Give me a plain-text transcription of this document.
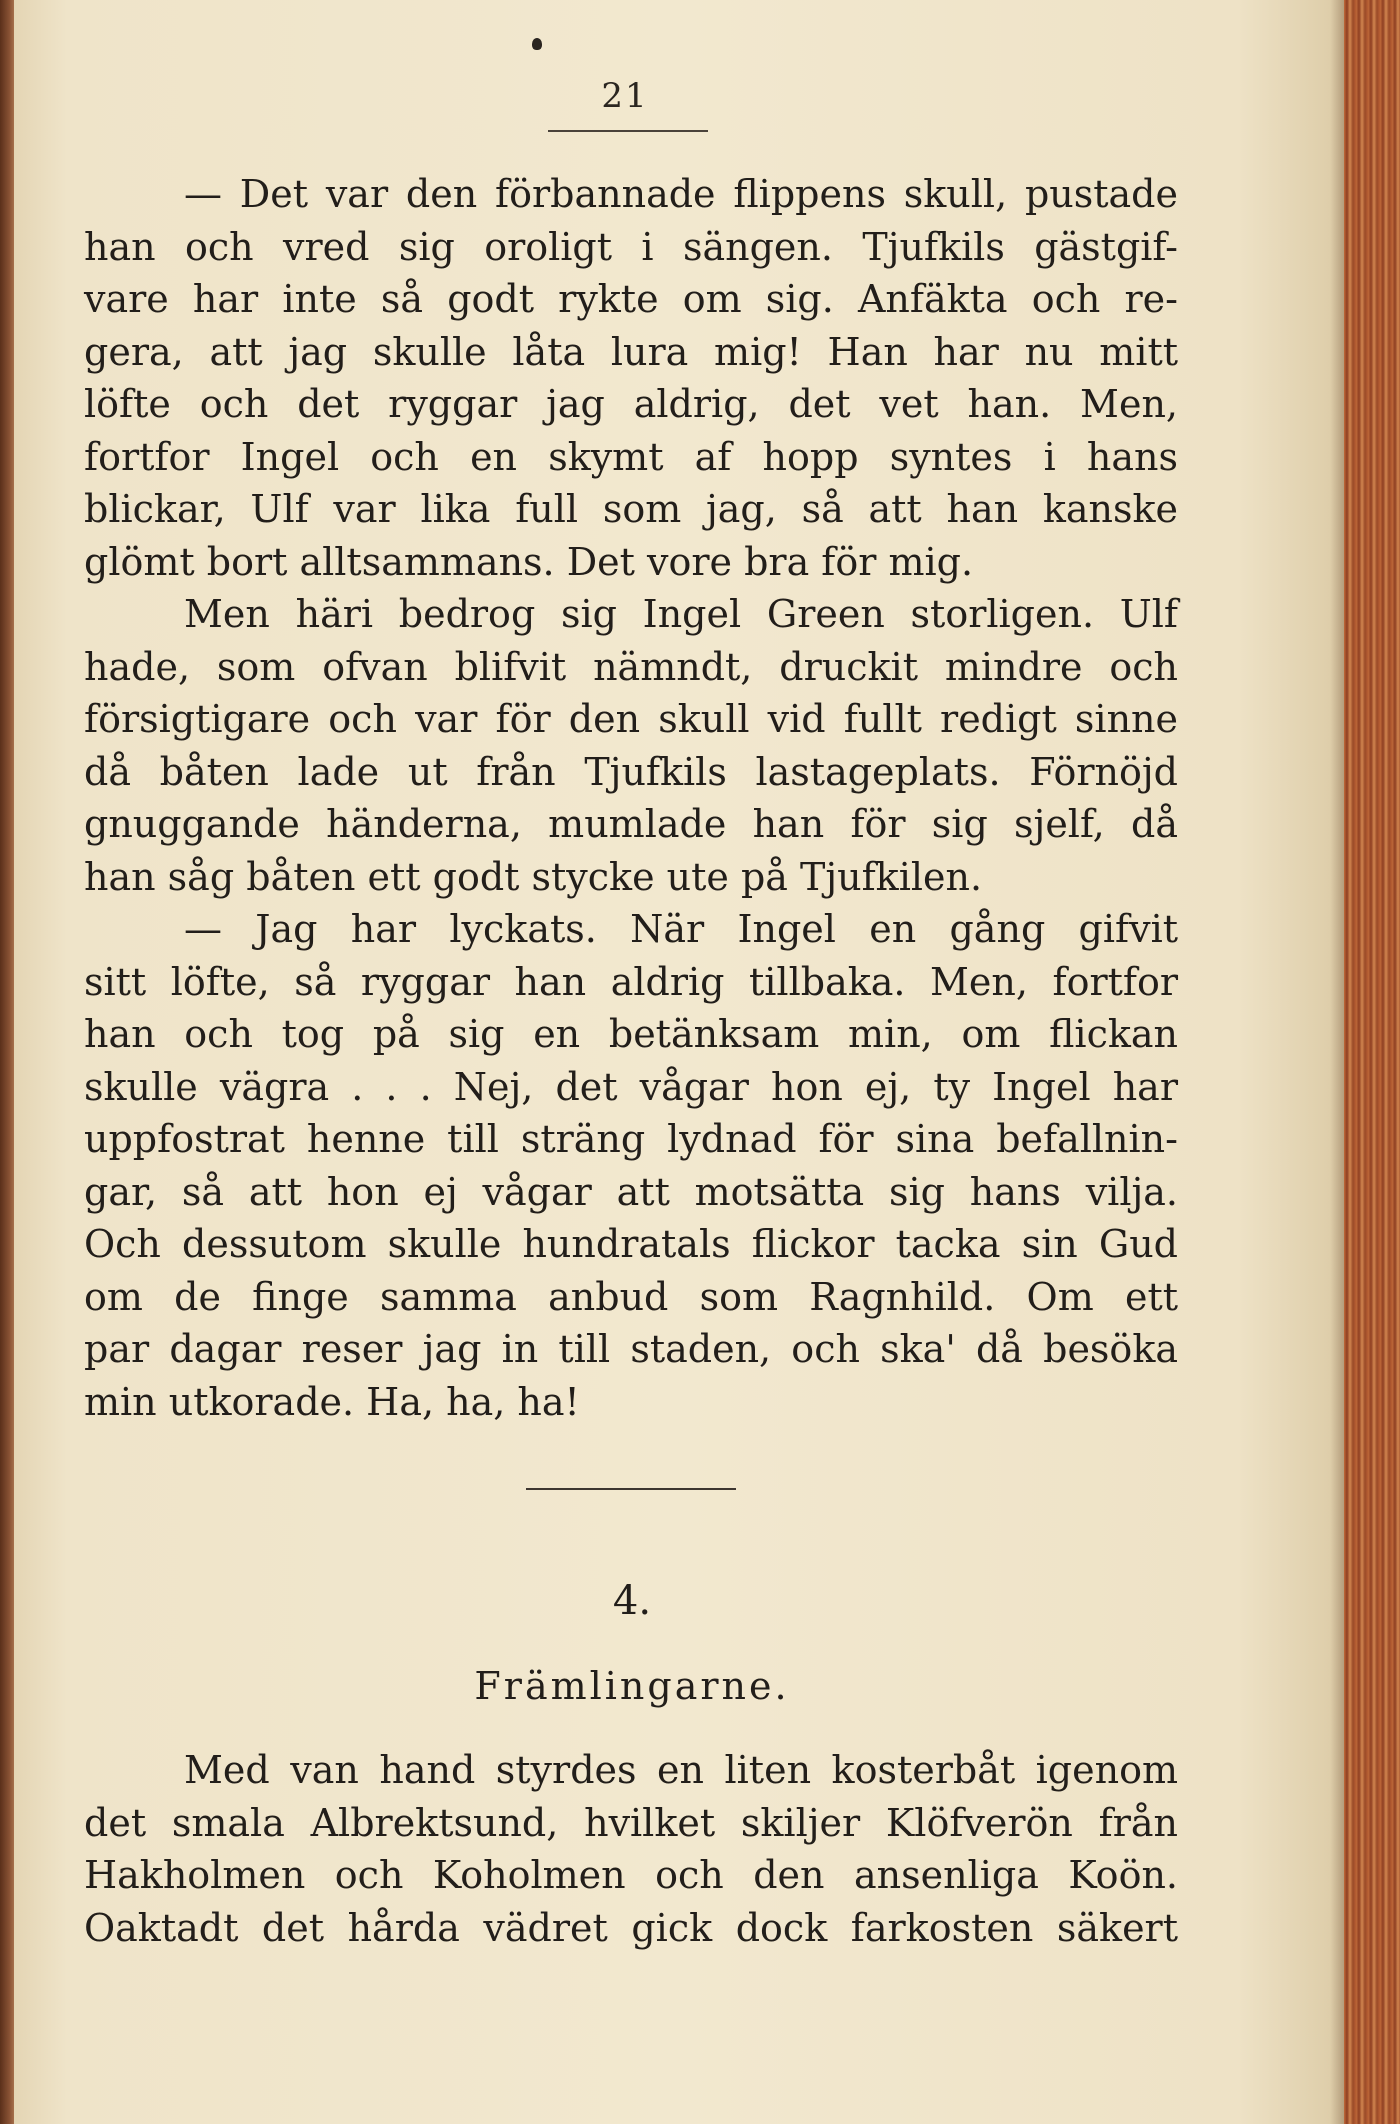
21
— Det var den förbannade flippens skull, pustade
han och vred sig oroligt i sängen. Tjufkils gästgif-
vare har inte så godt rykte om sig. Anfäkta och re-
gera, att jag skulle låta lura mig! Han har nu mitt
löfte och det ryggar jag aldrig, det vet han. Men,
fortfor Ingel och en skymt af hopp syntes i hans
blickar, Ulf var lika full som jag, så att han kanske
glömt bort alltsammans. Det vore bra för mig.
Men häri bedrog sig Ingel Green storligen. Ulf
hade, som ofvan blifvit nämndt, druckit mindre och
försigtigare och var för den skull vid fullt redigt sinne
då båten lade ut från Tjufkils lastageplats. Förnöjd
gnuggande händerna, mumlade han för sig sjelf, då
han såg båten ett godt stycke ute på Tjufkilen.
— Jag har lyckats. När Ingel en gång gifvit
sitt löfte, så ryggar han aldrig tillbaka. Men, fortfor
han och tog på sig en betänksam min, om flickan
skulle vägra . . . Nej, det vågar hon ej, ty Ingel har
uppfostrat henne till sträng lydnad för sina befallnin-
gar, så att hon ej vågar att motsätta sig hans vilja.
Och dessutom skulle hundratals flickor tacka sin Gud
om de finge samma anbud som Ragnhild. Om ett
par dagar reser jag in till staden, och ska' då besöka
min utkorade. Ha, ha, ha!
4.
Främlingarne.
Med van hand styrdes en liten kosterbåt igenom
det smala Albrektsund, hvilket skiljer Klöfverön från
Hakholmen och Koholmen och den ansenliga Koön.
Oaktadt det hårda vädret gick dock farkosten säkert
